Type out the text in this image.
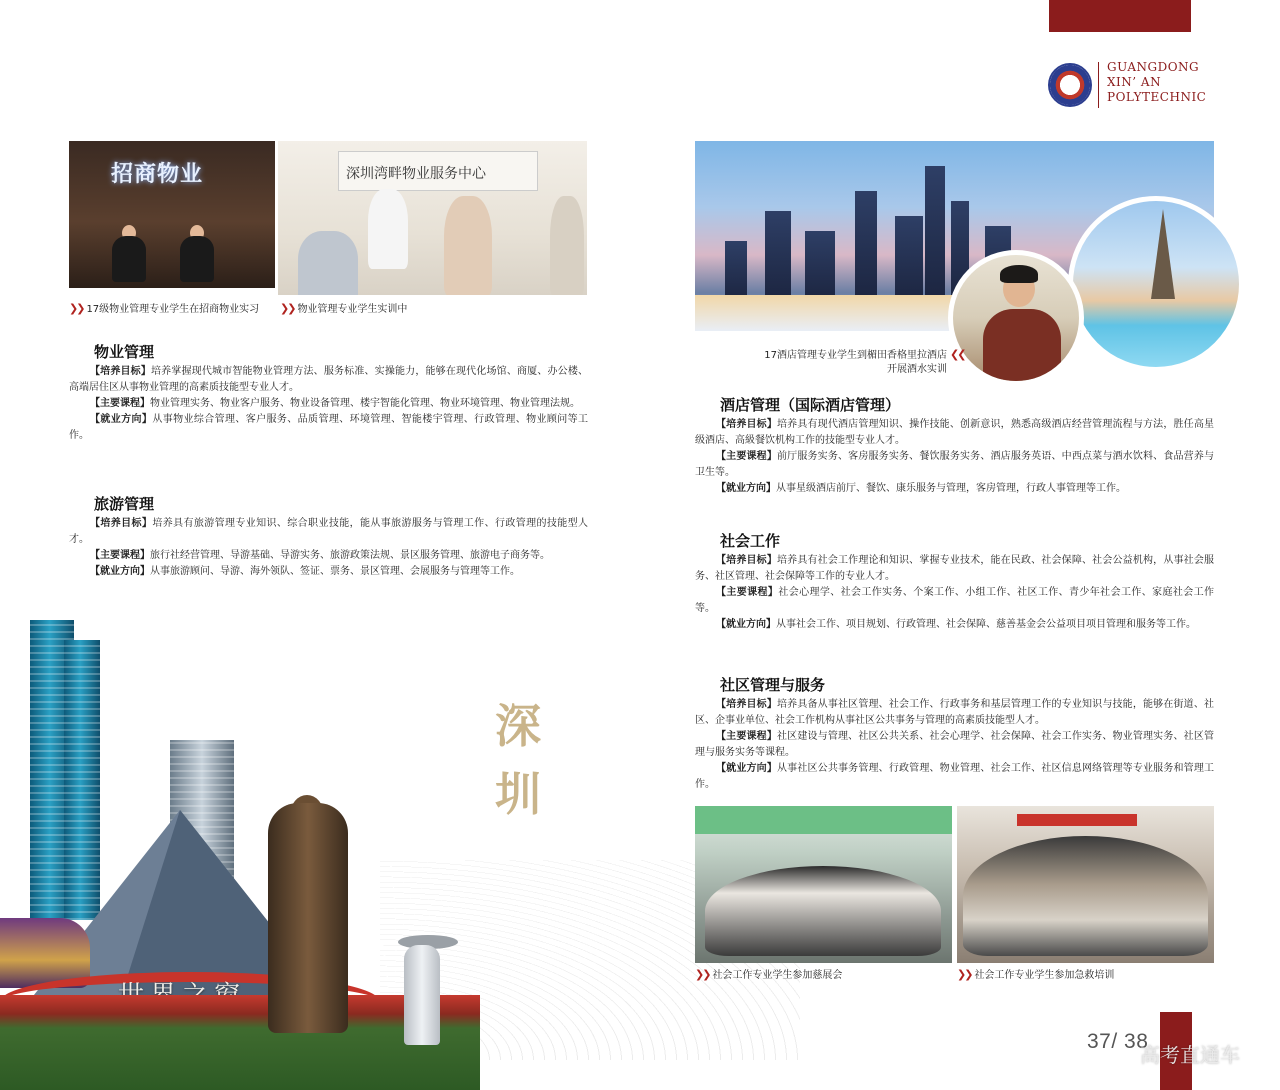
GUANGDONG
XIN’ AN
POLYTECHNIC
招商物业	深圳湾畔物业服务中心
❯❯ 17级物业管理专业学生在招商物业实习 ❯❯ 物业管理专业学生实训中
物业管理

【培养目标】培养掌握现代城市智能物业管理方法、服务标准、实操能力，能够在现代化场馆、商厦、办公楼、高端居住区从事物业管理的高素质技能型专业人才。

【主要课程】物业管理实务、物业客户服务、物业设备管理、楼宇智能化管理、物业环境管理、物业管理法规。

【就业方向】从事物业综合管理、客户服务、品质管理、环境管理、智能楼宇管理、行政管理、物业顾问等工作。

旅游管理

【培养目标】培养具有旅游管理专业知识、综合职业技能，能从事旅游服务与管理工作、行政管理的技能型人才。

【主要课程】旅行社经营管理、导游基础、导游实务、旅游政策法规、景区服务管理、旅游电子商务等。

【就业方向】从事旅游顾问、导游、海外领队、签证、票务、景区管理、会展服务与管理等工作。

深
圳
17酒店管理专业学生到楣田香格里拉酒店
开展酒水实训
❮❮
酒店管理（国际酒店管理）

【培养目标】培养具有现代酒店管理知识、操作技能、创新意识，熟悉高级酒店经营管理流程与方法，胜任高星级酒店、高級餐饮机构工作的技能型专业人才。

【主要课程】前厅服务实务、客房服务实务、餐饮服务实务、酒店服务英语、中西点菜与酒水饮料、食品营养与卫生等。

【就业方向】从事星级酒店前厅、餐饮、康乐服务与管理，客房管理，行政人事管理等工作。

社会工作

【培养目标】培养具有社会工作理论和知识、掌握专业技术，能在民政、社会保障、社会公益机构，从事社会服务、社区管理、社会保障等工作的专业人才。

【主要课程】社会心理学、社会工作实务、个案工作、小组工作、社区工作、青少年社会工作、家庭社会工作等。

【就业方向】从事社会工作、项目规划、行政管理、社会保障、慈善基金会公益项目项目管理和服务等工作。

社区管理与服务

【培养目标】培养具备从事社区管理、社会工作、行政事务和基层管理工作的专业知识与技能，能够在街道、社区、企事业单位、社会工作机构从事社区公共事务与管理的高素质技能型人才。

【主要课程】社区建设与管理、社区公共关系、社会心理学、社会保障、社会工作实务、物业管理实务、社区管理与服务实务等课程。

【就业方向】从事社区公共事务管理、行政管理、物业管理、社会工作、社区信息网络管理等专业服务和管理工作。

❯❯ 社会工作专业学生参加慈展会	❯❯ 社会工作专业学生参加急救培训
37/ 38
高考直通车
